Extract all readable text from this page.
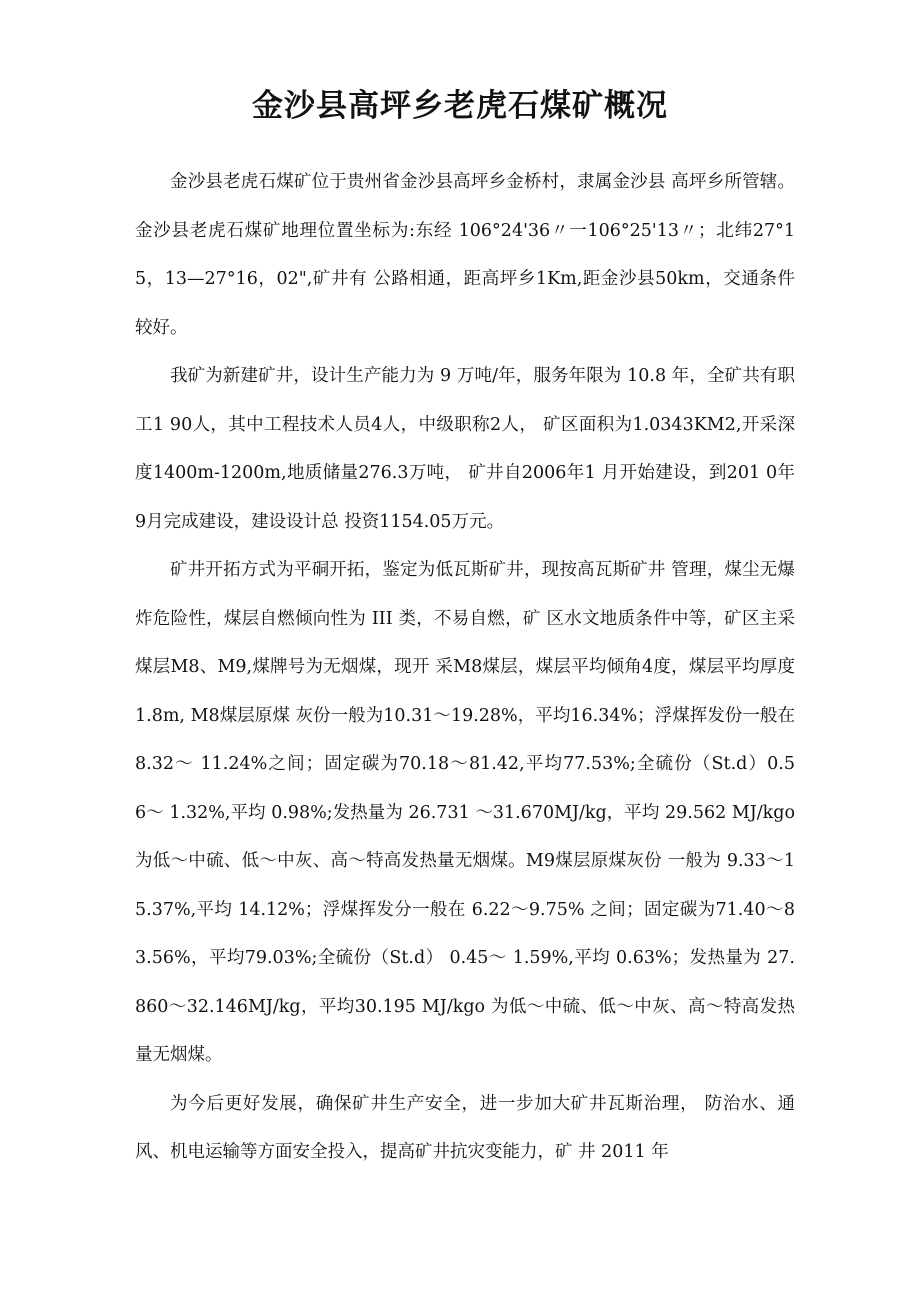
金沙县高坪乡老虎石煤矿概况

金沙县老虎石煤矿位于贵州省金沙县高坪乡金桥村，隶属金沙县 高坪乡所管辖。金沙县老虎石煤矿地理位置坐标为:东经 106°24'36〃一106°25'13〃；北纬27°15，13—27°16，02",矿井有 公路相通，距高坪乡1Km,距金沙县50km，交通条件较好。

我矿为新建矿井，设计生产能力为 9 万吨/年，服务年限为 10.8 年，全矿共有职工1 90人，其中工程技术人员4人，中级职称2人， 矿区面积为1.0343KM2,开采深度1400m-1200m,地质储量276.3万吨， 矿井自2006年1 月开始建设，到201 0年9月完成建设，建设设计总 投资1154.05万元。

矿井开拓方式为平硐开拓，鉴定为低瓦斯矿井，现按高瓦斯矿井 管理，煤尘无爆炸危险性，煤层自燃倾向性为 III 类，不易自燃，矿 区水文地质条件中等，矿区主采煤层M8、M9,煤牌号为无烟煤，现开 采M8煤层，煤层平均倾角4度，煤层平均厚度1.8m, M8煤层原煤 灰份一般为10.31〜19.28%，平均16.34%；浮煤挥发份一般在8.32〜 11.24%之间；固定碳为70.18〜81.42,平均77.53%;全硫份（St.d）0.56〜 1.32%,平均 0.98%;发热量为 26.731 〜31.670MJ/kg，平均 29.562 MJ/kgo 为低〜中硫、低〜中灰、高〜特高发热量无烟煤。M9煤层原煤灰份 一般为 9.33〜15.37%,平均 14.12%；浮煤挥发分一般在 6.22〜9.75% 之间；固定碳为71.40〜83.56%，平均79.03%;全硫份（St.d） 0.45〜 1.59%,平均 0.63%；发热量为 27.860〜32.146MJ/kg，平均30.195 MJ/kgo 为低〜中硫、低〜中灰、高〜特高发热量无烟煤。

为今后更好发展，确保矿井生产安全，进一步加大矿井瓦斯治理， 防治水、通风、机电运输等方面安全投入，提高矿井抗灾变能力，矿 井 2011 年
